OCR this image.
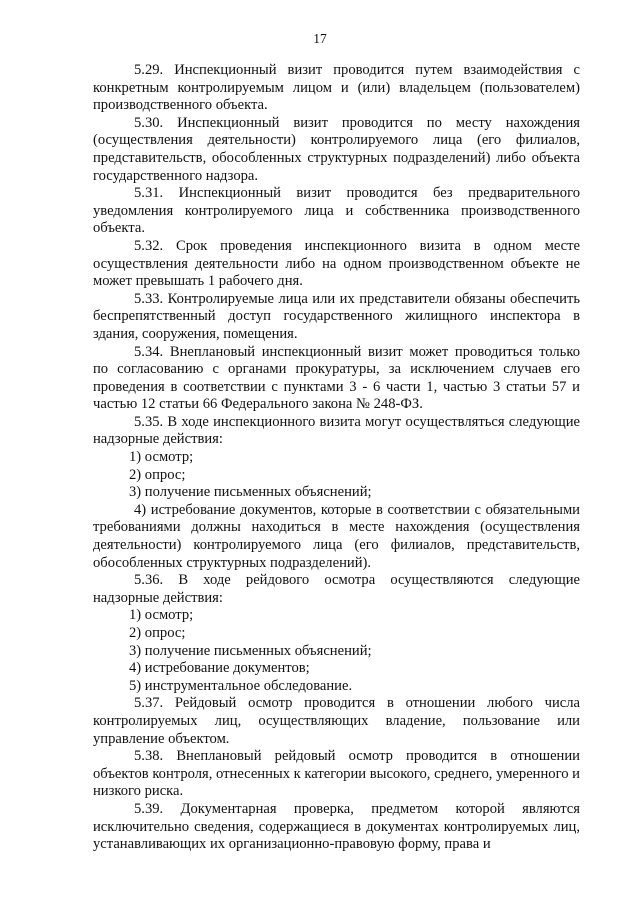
17

5.29. Инспекционный визит проводится путем взаимодействия с конкретным контролируемым лицом и (или) владельцем (пользователем) производственного объекта.

5.30. Инспекционный визит проводится по месту нахождения (осуществления деятельности) контролируемого лица (его филиалов, представительств, обособленных структурных подразделений) либо объекта государственного надзора.

5.31. Инспекционный визит проводится без предварительного уведомления контролируемого лица и собственника производственного объекта.

5.32. Срок проведения инспекционного визита в одном месте осуществления деятельности либо на одном производственном объекте не может превышать 1 рабочего дня.

5.33. Контролируемые лица или их представители обязаны обеспечить беспрепятственный доступ государственного жилищного инспектора в здания, сооружения, помещения.

5.34. Внеплановый инспекционный визит может проводиться только по согласованию с органами прокуратуры, за исключением случаев его проведения в соответствии с пунктами 3 - 6 части 1, частью 3 статьи 57 и частью 12 статьи 66 Федерального закона № 248-ФЗ.

5.35. В ходе инспекционного визита могут осуществляться следующие надзорные действия:

1) осмотр;

2) опрос;

3) получение письменных объяснений;

4) истребование документов, которые в соответствии с обязательными требованиями должны находиться в месте нахождения (осуществления деятельности) контролируемого лица (его филиалов, представительств, обособленных структурных подразделений).

5.36. В ходе рейдового осмотра осуществляются следующие надзорные действия:

1) осмотр;

2) опрос;

3) получение письменных объяснений;

4) истребование документов;

5) инструментальное обследование.

5.37. Рейдовый осмотр проводится в отношении любого числа контролируемых лиц, осуществляющих владение, пользование или управление объектом.

5.38. Внеплановый рейдовый осмотр проводится в отношении объектов контроля, отнесенных к категории высокого, среднего, умеренного и низкого риска.

5.39. Документарная проверка, предметом которой являются исключительно сведения, содержащиеся в документах контролируемых лиц, устанавливающих их организационно-правовую форму, права и
